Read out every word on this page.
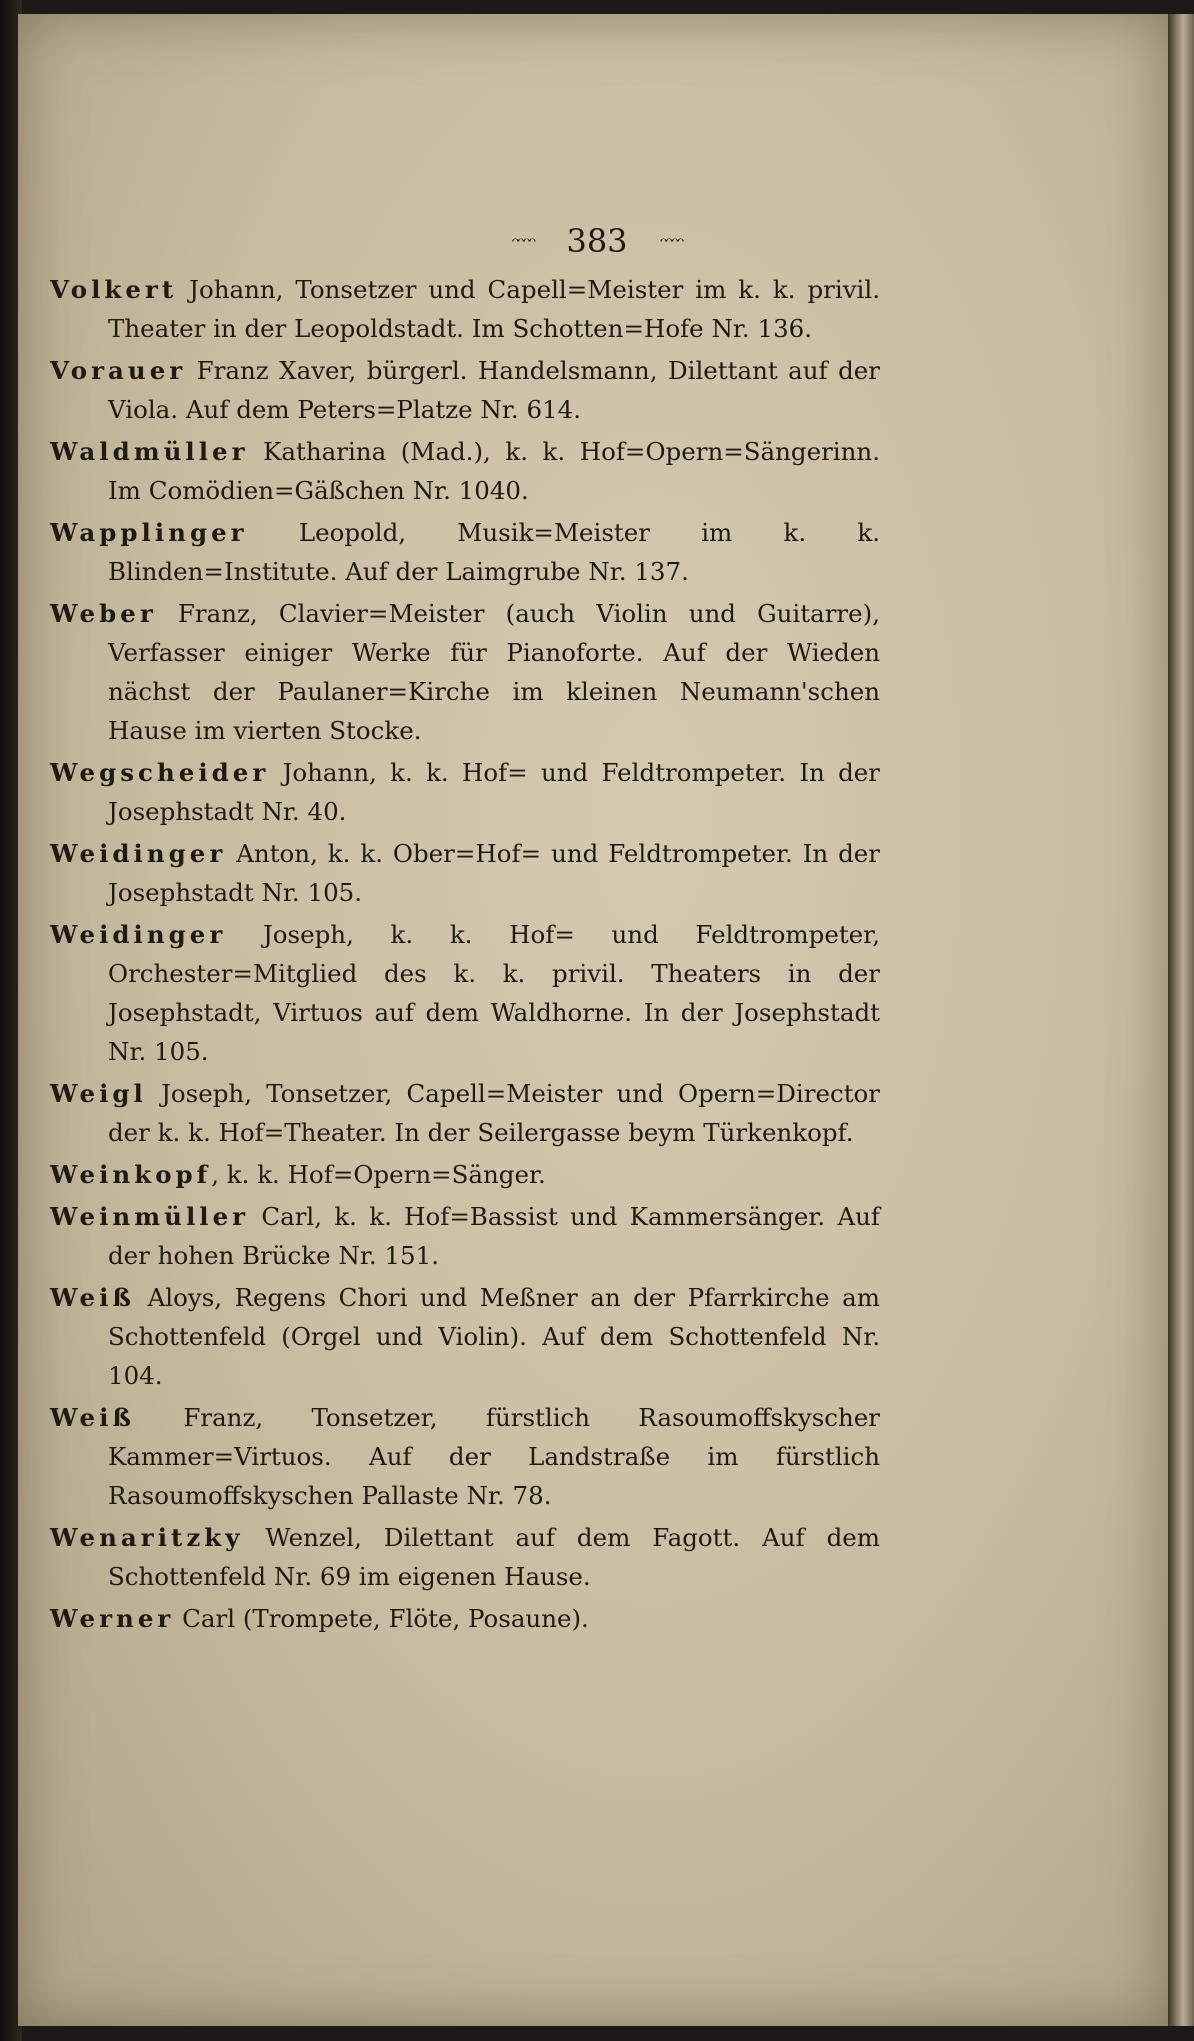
ᵔᵔᵔᵔ 383 ᵔᵔᵔᵔ

Volkert Johann, Tonsetzer und Capell=Meister im k. k. privil. Theater in der Leopoldstadt. Im Schotten=Hofe Nr. 136.

Vorauer Franz Xaver, bürgerl. Handelsmann, Dilettant auf der Viola. Auf dem Peters=Platze Nr. 614.

Waldmüller Katharina (Mad.), k. k. Hof=Opern=Sängerinn. Im Comödien=Gäßchen Nr. 1040.

Wapplinger Leopold, Musik=Meister im k. k. Blinden=Institute. Auf der Laimgrube Nr. 137.

Weber Franz, Clavier=Meister (auch Violin und Guitarre), Verfasser einiger Werke für Pianoforte. Auf der Wieden nächst der Paulaner=Kirche im kleinen Neumann'schen Hause im vierten Stocke.

Wegscheider Johann, k. k. Hof= und Feldtrompeter. In der Josephstadt Nr. 40.

Weidinger Anton, k. k. Ober=Hof= und Feldtrompeter. In der Josephstadt Nr. 105.

Weidinger Joseph, k. k. Hof= und Feldtrompeter, Orchester=Mitglied des k. k. privil. Theaters in der Josephstadt, Virtuos auf dem Waldhorne. In der Josephstadt Nr. 105.

Weigl Joseph, Tonsetzer, Capell=Meister und Opern=Director der k. k. Hof=Theater. In der Seilergasse beym Türkenkopf.

Weinkopf, k. k. Hof=Opern=Sänger.

Weinmüller Carl, k. k. Hof=Bassist und Kammersänger. Auf der hohen Brücke Nr. 151.

Weiß Aloys, Regens Chori und Meßner an der Pfarrkirche am Schottenfeld (Orgel und Violin). Auf dem Schottenfeld Nr. 104.

Weiß Franz, Tonsetzer, fürstlich Rasoumoffskyscher Kammer=Virtuos. Auf der Landstraße im fürstlich Rasoumoffskyschen Pallaste Nr. 78.

Wenaritzky Wenzel, Dilettant auf dem Fagott. Auf dem Schottenfeld Nr. 69 im eigenen Hause.

Werner Carl (Trompete, Flöte, Posaune).
